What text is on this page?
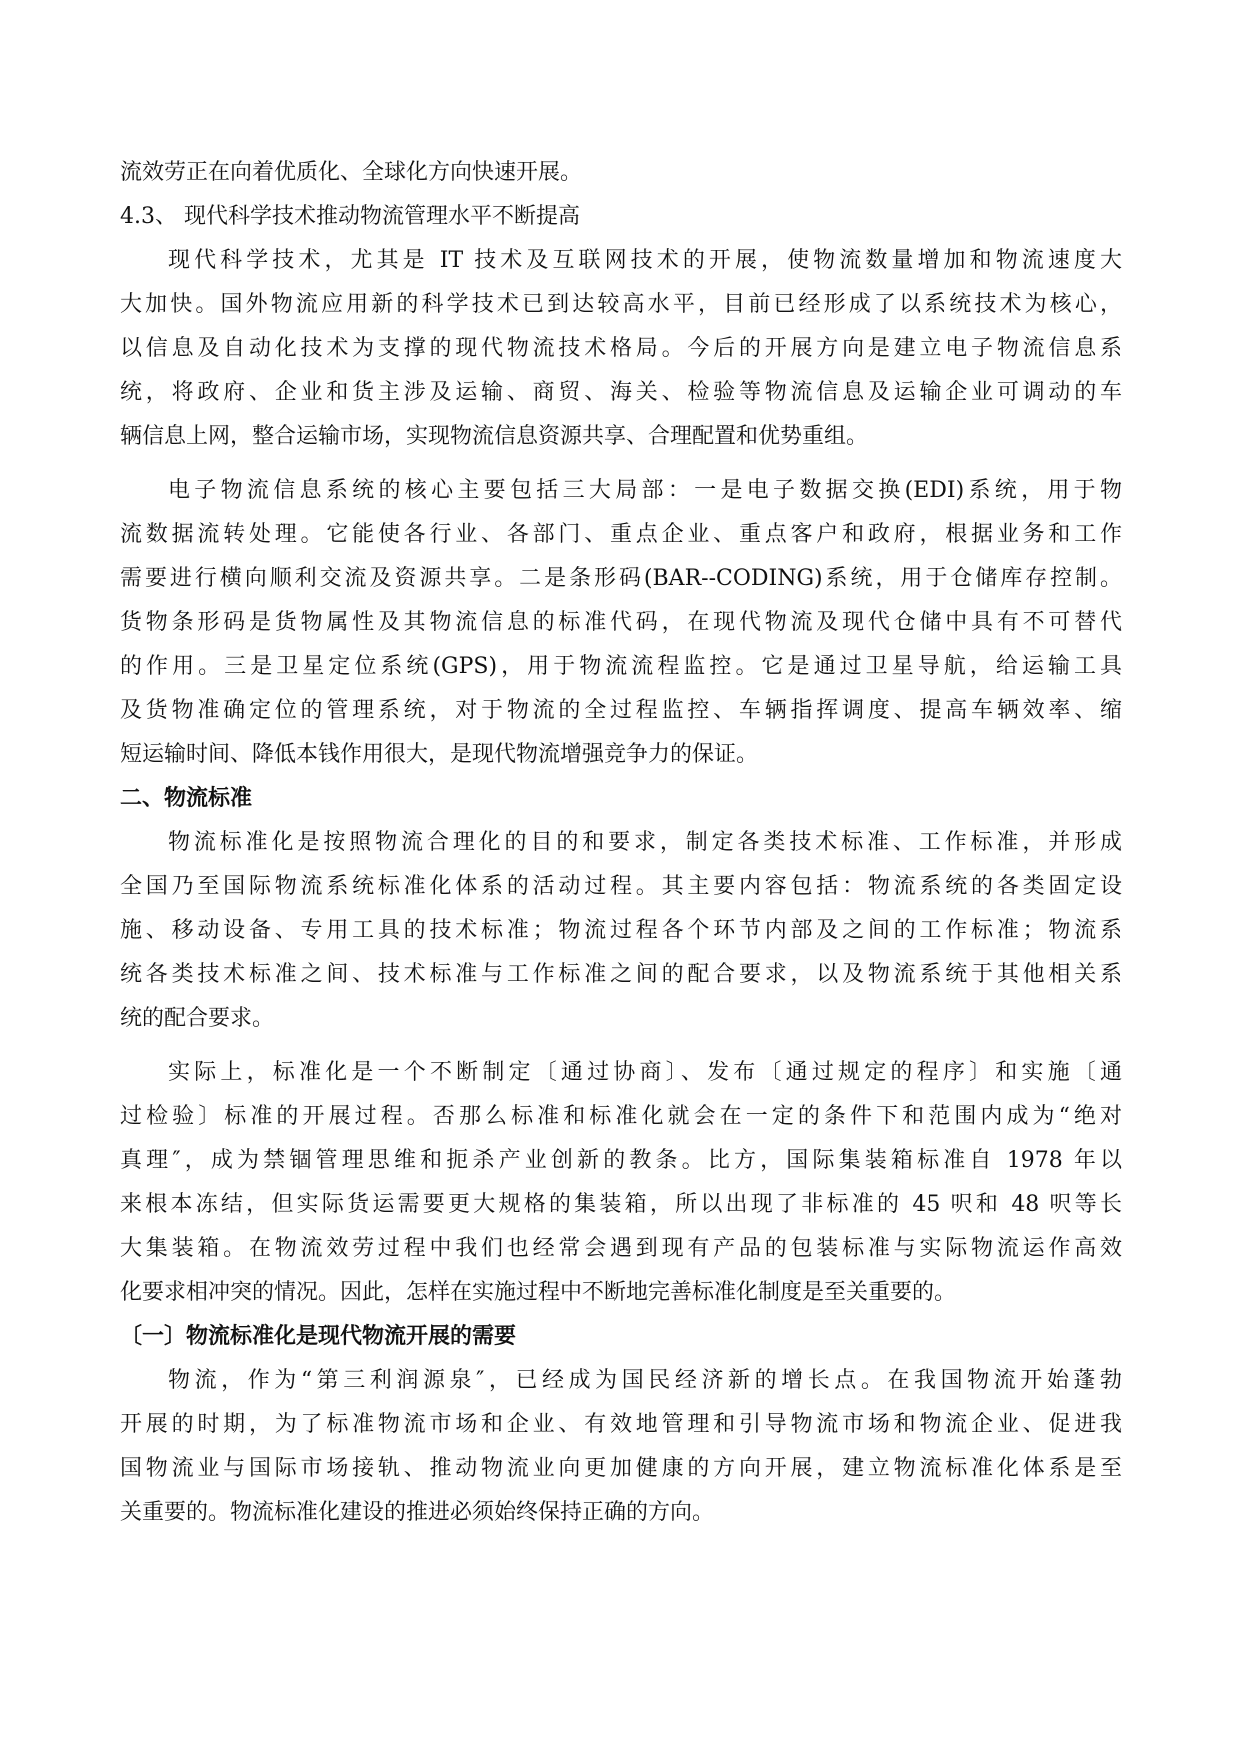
流效劳正在向着优质化、全球化方向快速开展。
4.3、 现代科学技术推动物流管理水平不断提高
现代科学技术，尤其是 IT 技术及互联网技术的开展，使物流数量增加和物流速度大
大加快。国外物流应用新的科学技术已到达较高水平，目前已经形成了以系统技术为核心，
以信息及自动化技术为支撑的现代物流技术格局。今后的开展方向是建立电子物流信息系
统，将政府、企业和货主涉及运输、商贸、海关、检验等物流信息及运输企业可调动的车
辆信息上网，整合运输市场，实现物流信息资源共享、合理配置和优势重组。
电子物流信息系统的核心主要包括三大局部：一是电子数据交换(EDI)系统，用于物
流数据流转处理。它能使各行业、各部门、重点企业、重点客户和政府，根据业务和工作
需要进行横向顺利交流及资源共享。二是条形码(BAR--CODING)系统，用于仓储库存控制。
货物条形码是货物属性及其物流信息的标准代码，在现代物流及现代仓储中具有不可替代
的作用。三是卫星定位系统(GPS)，用于物流流程监控。它是通过卫星导航，给运输工具
及货物准确定位的管理系统，对于物流的全过程监控、车辆指挥调度、提高车辆效率、缩
短运输时间、降低本钱作用很大，是现代物流增强竞争力的保证。
二、物流标准
物流标准化是按照物流合理化的目的和要求，制定各类技术标准、工作标准，并形成
全国乃至国际物流系统标准化体系的活动过程。其主要内容包括：物流系统的各类固定设
施、移动设备、专用工具的技术标准；物流过程各个环节内部及之间的工作标准；物流系
统各类技术标准之间、技术标准与工作标准之间的配合要求，以及物流系统于其他相关系
统的配合要求。
实际上，标准化是一个不断制定〔通过协商〕、发布〔通过规定的程序〕和实施〔通
过检验〕标准的开展过程。否那么标准和标准化就会在一定的条件下和范围内成为“绝对
真理″，成为禁锢管理思维和扼杀产业创新的教条。比方，国际集装箱标准自 1978 年以
来根本冻结，但实际货运需要更大规格的集装箱，所以出现了非标准的 45 呎和 48 呎等长
大集装箱。在物流效劳过程中我们也经常会遇到现有产品的包装标准与实际物流运作高效
化要求相冲突的情况。因此，怎样在实施过程中不断地完善标准化制度是至关重要的。
〔一〕物流标准化是现代物流开展的需要
物流，作为“第三利润源泉″，已经成为国民经济新的增长点。在我国物流开始蓬勃
开展的时期，为了标准物流市场和企业、有效地管理和引导物流市场和物流企业、促进我
国物流业与国际市场接轨、推动物流业向更加健康的方向开展，建立物流标准化体系是至
关重要的。物流标准化建设的推进必须始终保持正确的方向。
